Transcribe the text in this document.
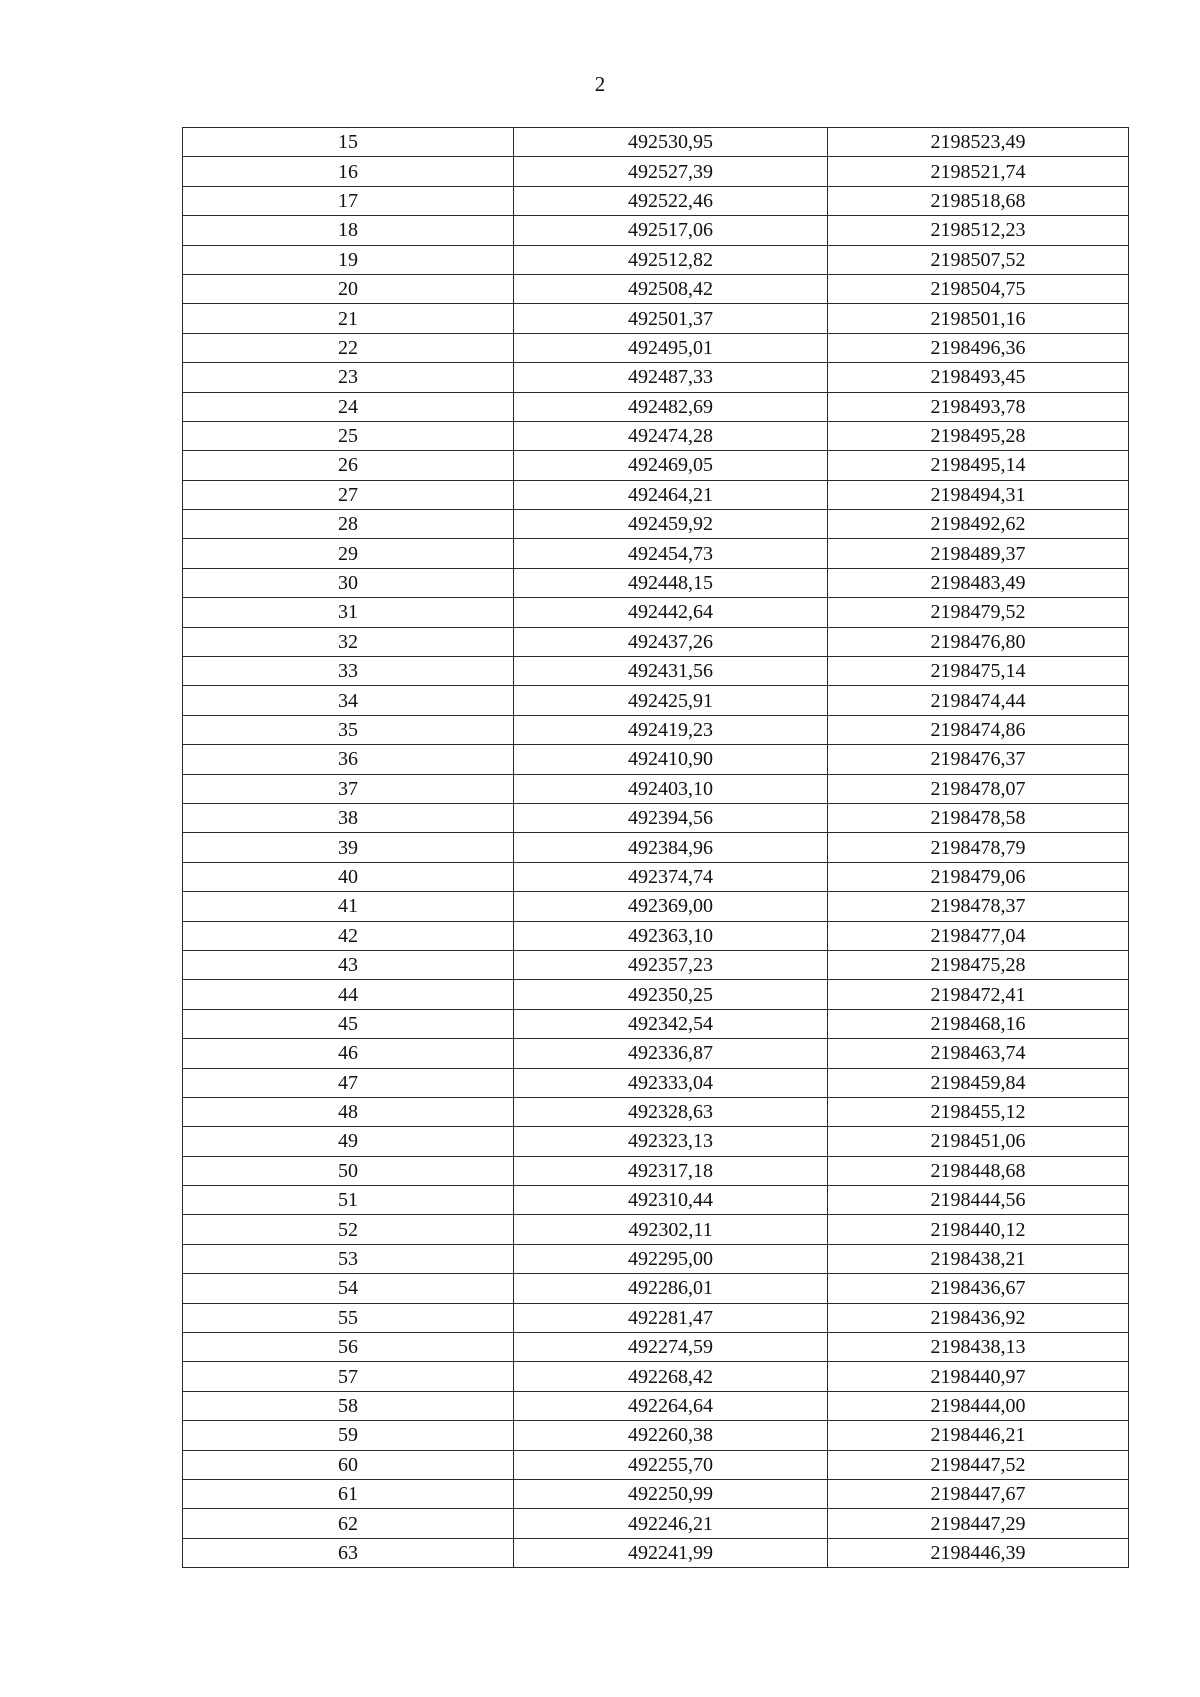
2
15	492530,95	2198523,49
16	492527,39	2198521,74
17	492522,46	2198518,68
18	492517,06	2198512,23
19	492512,82	2198507,52
20	492508,42	2198504,75
21	492501,37	2198501,16
22	492495,01	2198496,36
23	492487,33	2198493,45
24	492482,69	2198493,78
25	492474,28	2198495,28
26	492469,05	2198495,14
27	492464,21	2198494,31
28	492459,92	2198492,62
29	492454,73	2198489,37
30	492448,15	2198483,49
31	492442,64	2198479,52
32	492437,26	2198476,80
33	492431,56	2198475,14
34	492425,91	2198474,44
35	492419,23	2198474,86
36	492410,90	2198476,37
37	492403,10	2198478,07
38	492394,56	2198478,58
39	492384,96	2198478,79
40	492374,74	2198479,06
41	492369,00	2198478,37
42	492363,10	2198477,04
43	492357,23	2198475,28
44	492350,25	2198472,41
45	492342,54	2198468,16
46	492336,87	2198463,74
47	492333,04	2198459,84
48	492328,63	2198455,12
49	492323,13	2198451,06
50	492317,18	2198448,68
51	492310,44	2198444,56
52	492302,11	2198440,12
53	492295,00	2198438,21
54	492286,01	2198436,67
55	492281,47	2198436,92
56	492274,59	2198438,13
57	492268,42	2198440,97
58	492264,64	2198444,00
59	492260,38	2198446,21
60	492255,70	2198447,52
61	492250,99	2198447,67
62	492246,21	2198447,29
63	492241,99	2198446,39
